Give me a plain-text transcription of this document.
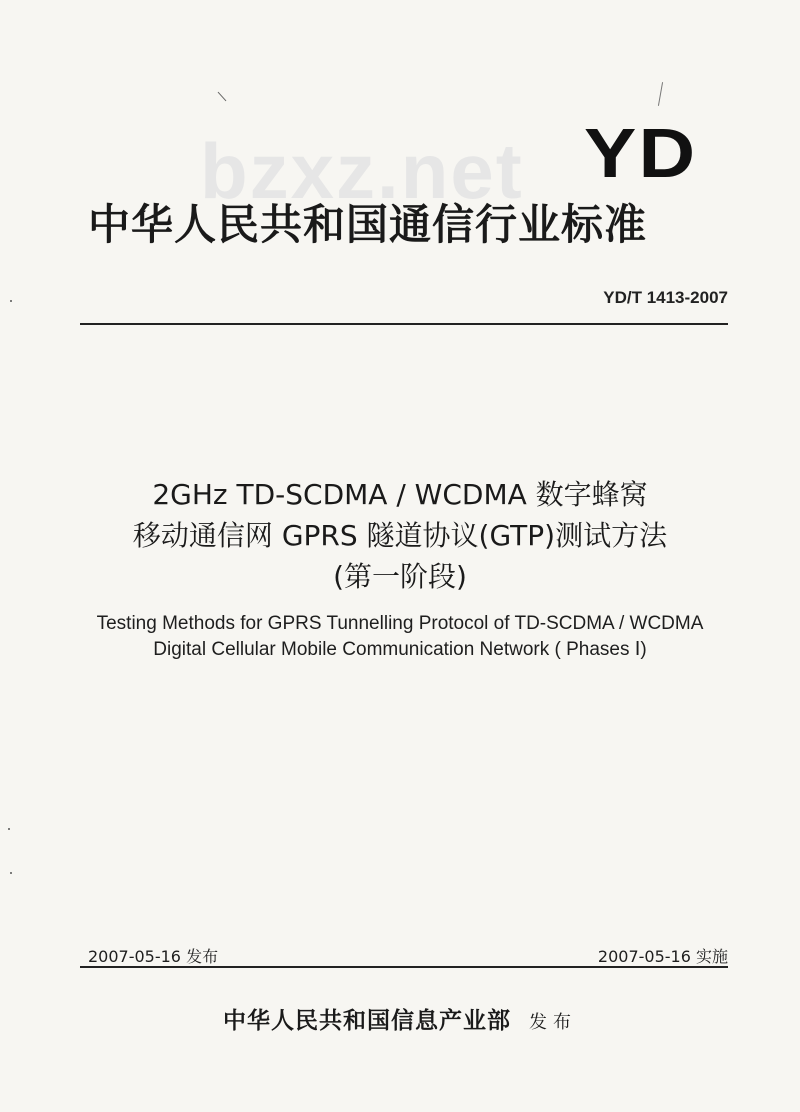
bzxz.net YD
中华人民共和国通信行业标准
YD/T 1413-2007
2GHz TD-SCDMA / WCDMA 数字蜂窝
移动通信网 GPRS 隧道协议(GTP)测试方法
(第一阶段)
Testing Methods for GPRS Tunnelling Protocol of TD-SCDMA / WCDMA
Digital Cellular Mobile Communication Network ( Phases Ⅰ)
2007-05-16 发布	2007-05-16 实施
中华人民共和国信息产业部 发布
